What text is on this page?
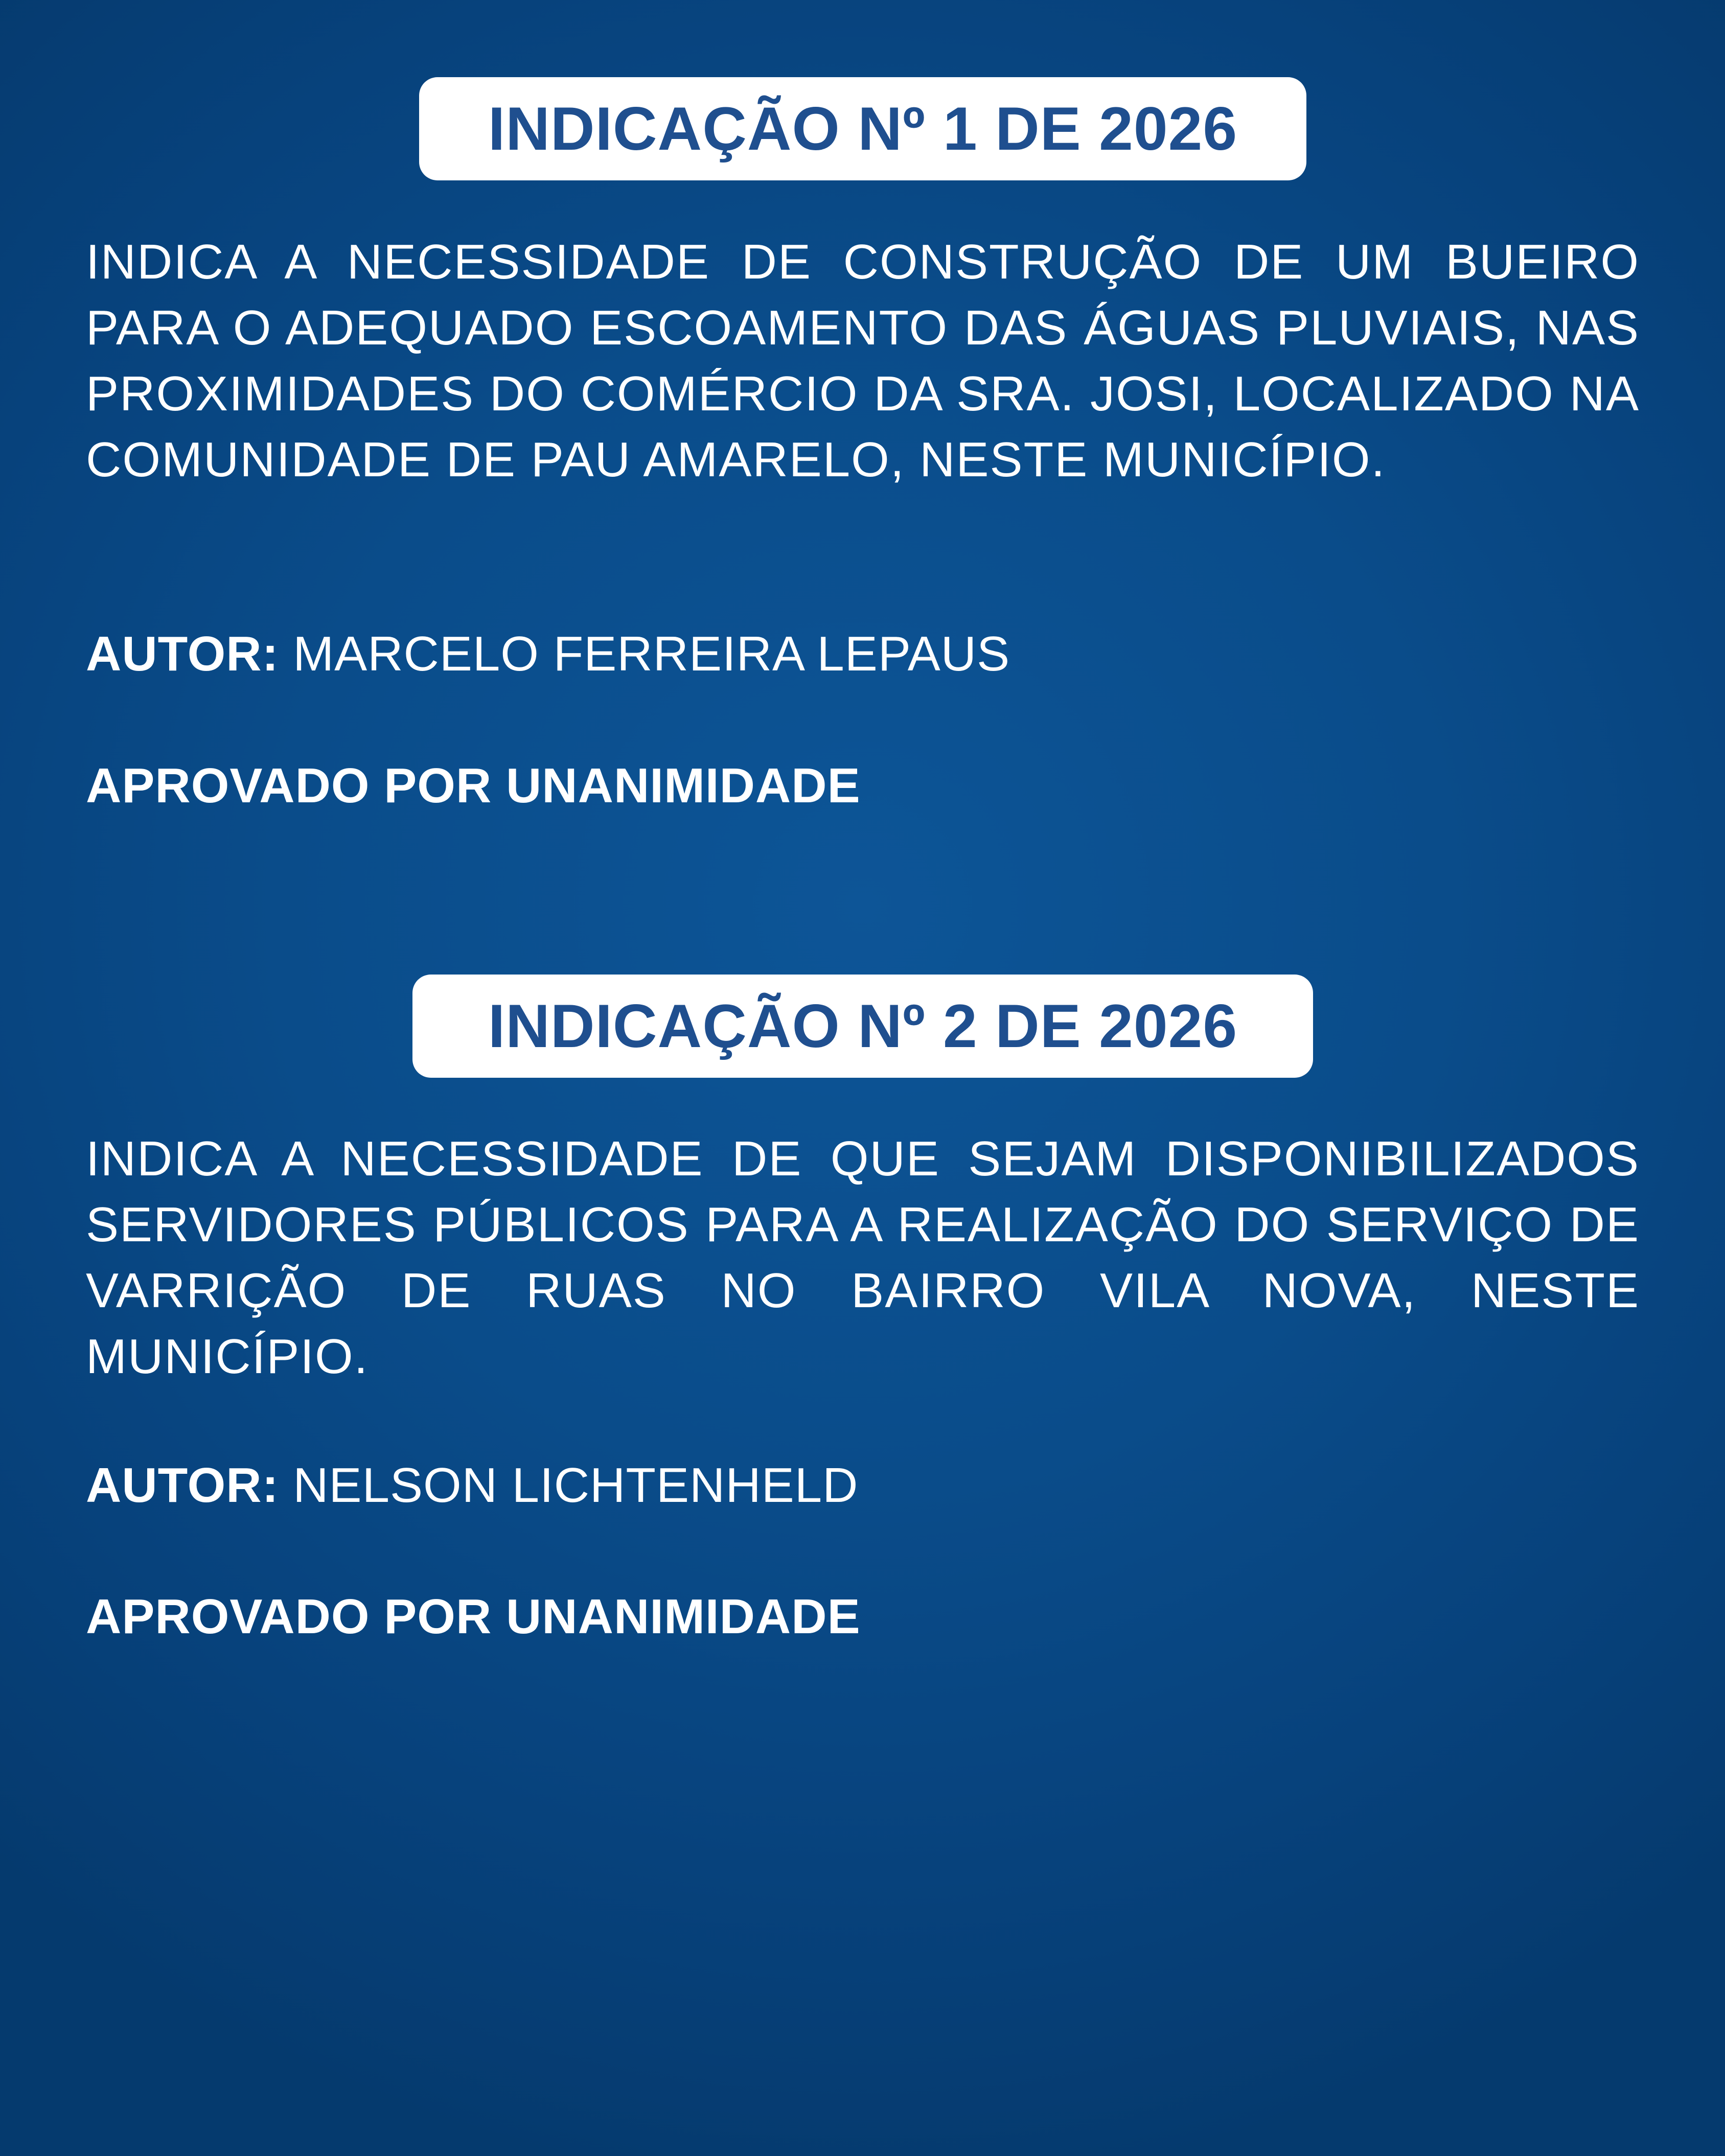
INDICAÇÃO Nº 1 DE 2026
INDICA A NECESSIDADE DE CONSTRUÇÃO DE UM BUEIRO PARA O ADEQUADO ESCOAMENTO DAS ÁGUAS PLUVIAIS, NAS PROXIMIDADES DO COMÉRCIO DA SRA. JOSI, LOCALIZADO NA COMUNIDADE DE PAU AMARELO, NESTE MUNICÍPIO.
AUTOR: MARCELO FERREIRA LEPAUS
APROVADO POR UNANIMIDADE
INDICAÇÃO Nº 2 DE 2026
INDICA A NECESSIDADE DE QUE SEJAM DISPONIBILIZADOS SERVIDORES PÚBLICOS PARA A REALIZAÇÃO DO SERVIÇO DE VARRIÇÃO DE RUAS NO BAIRRO VILA NOVA, NESTE MUNICÍPIO.
AUTOR: NELSON LICHTENHELD
APROVADO POR UNANIMIDADE
